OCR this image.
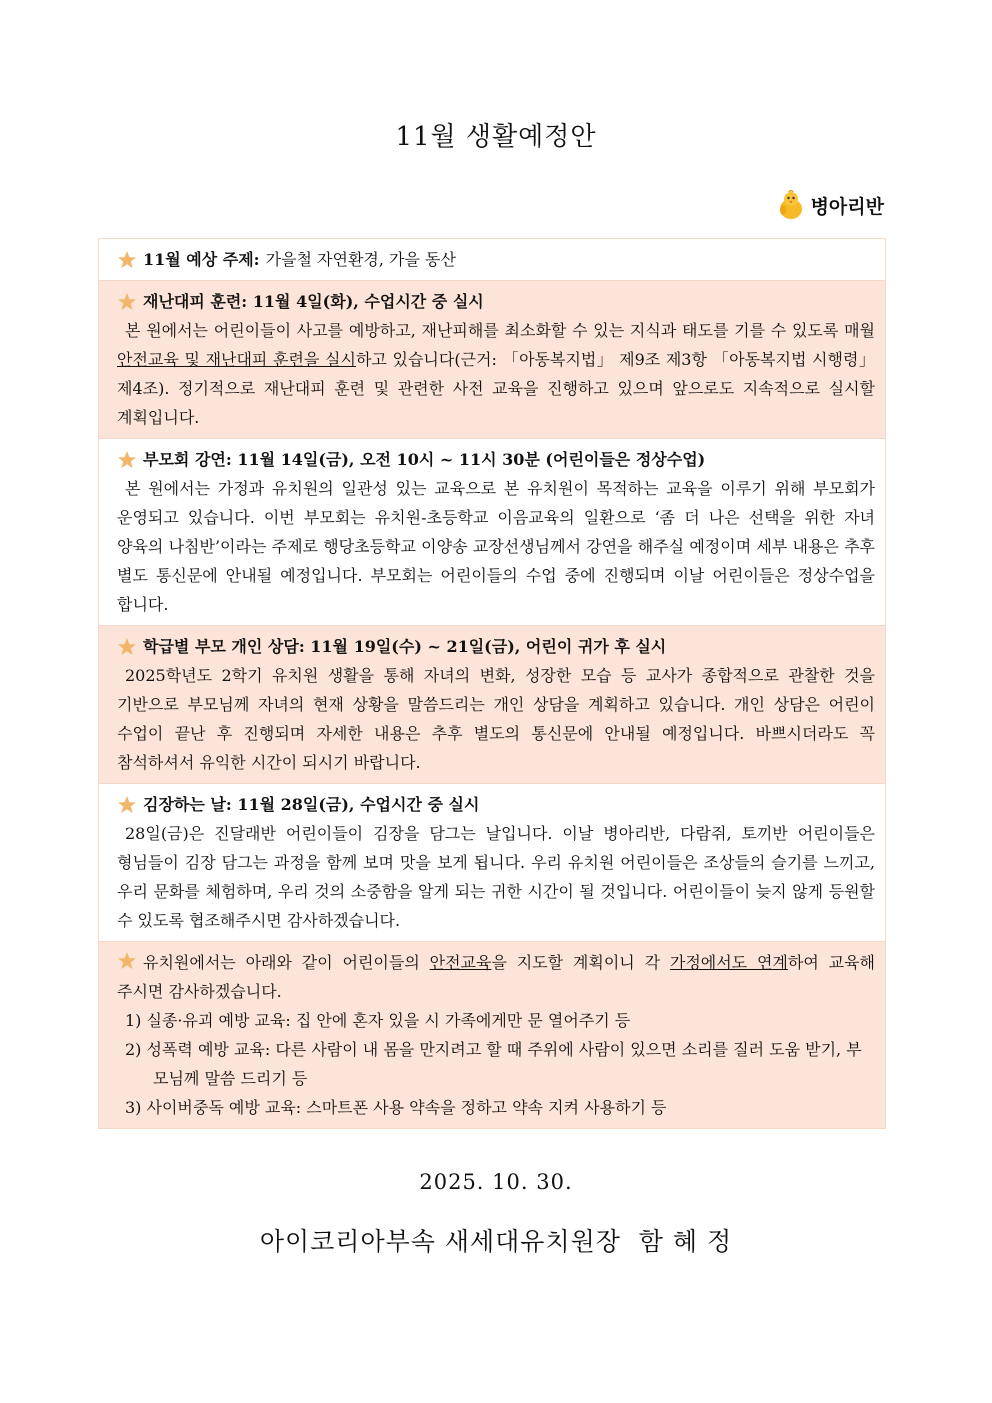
11월 생활예정안
병아리반
11월 예상 주제: 가을철 자연환경, 가을 동산
재난대피 훈련: 11월 4일(화), 수업시간 중 실시
본 원에서는 어린이들이 사고를 예방하고, 재난피해를 최소화할 수 있는 지식과 태도를 기를 수 있도록 매월 안전교육 및 재난대피 훈련을 실시하고 있습니다(근거: 「아동복지법」 제9조 제3항 「아동복지법 시행령」 제4조). 정기적으로 재난대피 훈련 및 관련한 사전 교육을 진행하고 있으며 앞으로도 지속적으로 실시할 계획입니다.
부모회 강연: 11월 14일(금), 오전 10시 ~ 11시 30분 (어린이들은 정상수업)
본 원에서는 가정과 유치원의 일관성 있는 교육으로 본 유치원이 목적하는 교육을 이루기 위해 부모회가 운영되고 있습니다. 이번 부모회는 유치원-초등학교 이음교육의 일환으로 ‘좀 더 나은 선택을 위한 자녀 양육의 나침반’이라는 주제로 행당초등학교 이양송 교장선생님께서 강연을 해주실 예정이며 세부 내용은 추후 별도 통신문에 안내될 예정입니다. 부모회는 어린이들의 수업 중에 진행되며 이날 어린이들은 정상수업을 합니다.
학급별 부모 개인 상담: 11월 19일(수) ~ 21일(금), 어린이 귀가 후 실시
2025학년도 2학기 유치원 생활을 통해 자녀의 변화, 성장한 모습 등 교사가 종합적으로 관찰한 것을 기반으로 부모님께 자녀의 현재 상황을 말씀드리는 개인 상담을 계획하고 있습니다. 개인 상담은 어린이 수업이 끝난 후 진행되며 자세한 내용은 추후 별도의 통신문에 안내될 예정입니다. 바쁘시더라도 꼭 참석하셔서 유익한 시간이 되시기 바랍니다.
김장하는 날: 11월 28일(금), 수업시간 중 실시
28일(금)은 진달래반 어린이들이 김장을 담그는 날입니다. 이날 병아리반, 다람쥐, 토끼반 어린이들은 형님들이 김장 담그는 과정을 함께 보며 맛을 보게 됩니다. 우리 유치원 어린이들은 조상들의 슬기를 느끼고, 우리 문화를 체험하며, 우리 것의 소중함을 알게 되는 귀한 시간이 될 것입니다. 어린이들이 늦지 않게 등원할 수 있도록 협조해주시면 감사하겠습니다.
유치원에서는 아래와 같이 어린이들의 안전교육을 지도할 계획이니 각 가정에서도 연계하여 교육해 주시면 감사하겠습니다.
1) 실종·유괴 예방 교육: 집 안에 혼자 있을 시 가족에게만 문 열어주기 등
2) 성폭력 예방 교육: 다른 사람이 내 몸을 만지려고 할 때 주위에 사람이 있으면 소리를 질러 도움 받기, 부모님께 말씀 드리기 등
3) 사이버중독 예방 교육: 스마트폰 사용 약속을 정하고 약속 지켜 사용하기 등
2025. 10. 30.
아이코리아부속 새세대유치원장  함 혜 정
